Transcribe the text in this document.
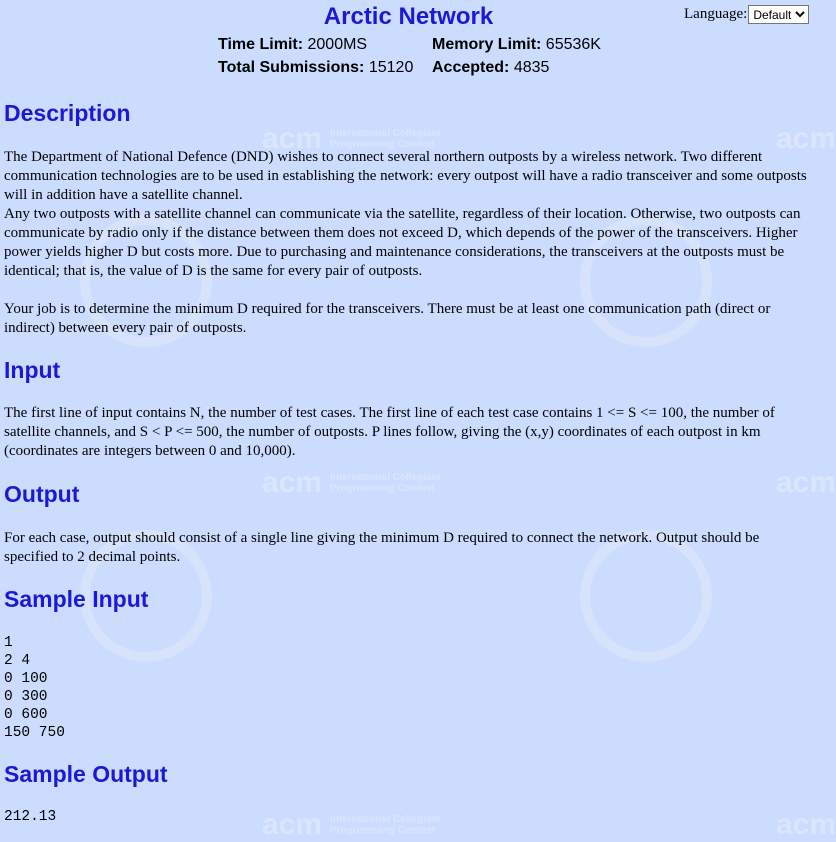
acm International Collegiate
Programming Contest	acm
acm International Collegiate
Programming Contest	acm
acm International Collegiate
Programming Contest	acm
Arctic Network	Language:
Default
Time Limit: 2000MS	Memory Limit: 65536K
Total Submissions: 15120 Accepted: 4835
Description

The Department of National Defence (DND) wishes to connect several northern outposts by a wireless network. Two different communication technologies are to be used in establishing the network: every outpost will have a radio transceiver and some outposts will in addition have a satellite channel.

Any two outposts with a satellite channel can communicate via the satellite, regardless of their location. Otherwise, two outposts can communicate by radio only if the distance between them does not exceed D, which depends of the power of the transceivers. Higher power yields higher D but costs more. Due to purchasing and maintenance considerations, the transceivers at the outposts must be identical; that is, the value of D is the same for every pair of outposts.

Your job is to determine the minimum D required for the transceivers. There must be at least one communication path (direct or indirect) between every pair of outposts.

Input

The first line of input contains N, the number of test cases. The first line of each test case contains 1 <= S <= 100, the number of satellite channels, and S < P <= 500, the number of outposts. P lines follow, giving the (x,y) coordinates of each outpost in km (coordinates are integers between 0 and 10,000).

Output

For each case, output should consist of a single line giving the minimum D required to connect the network. Output should be specified to 2 decimal points.

Sample Input
1
2 4
0 100
0 300
0 600
150 750
Sample Output
212.13
